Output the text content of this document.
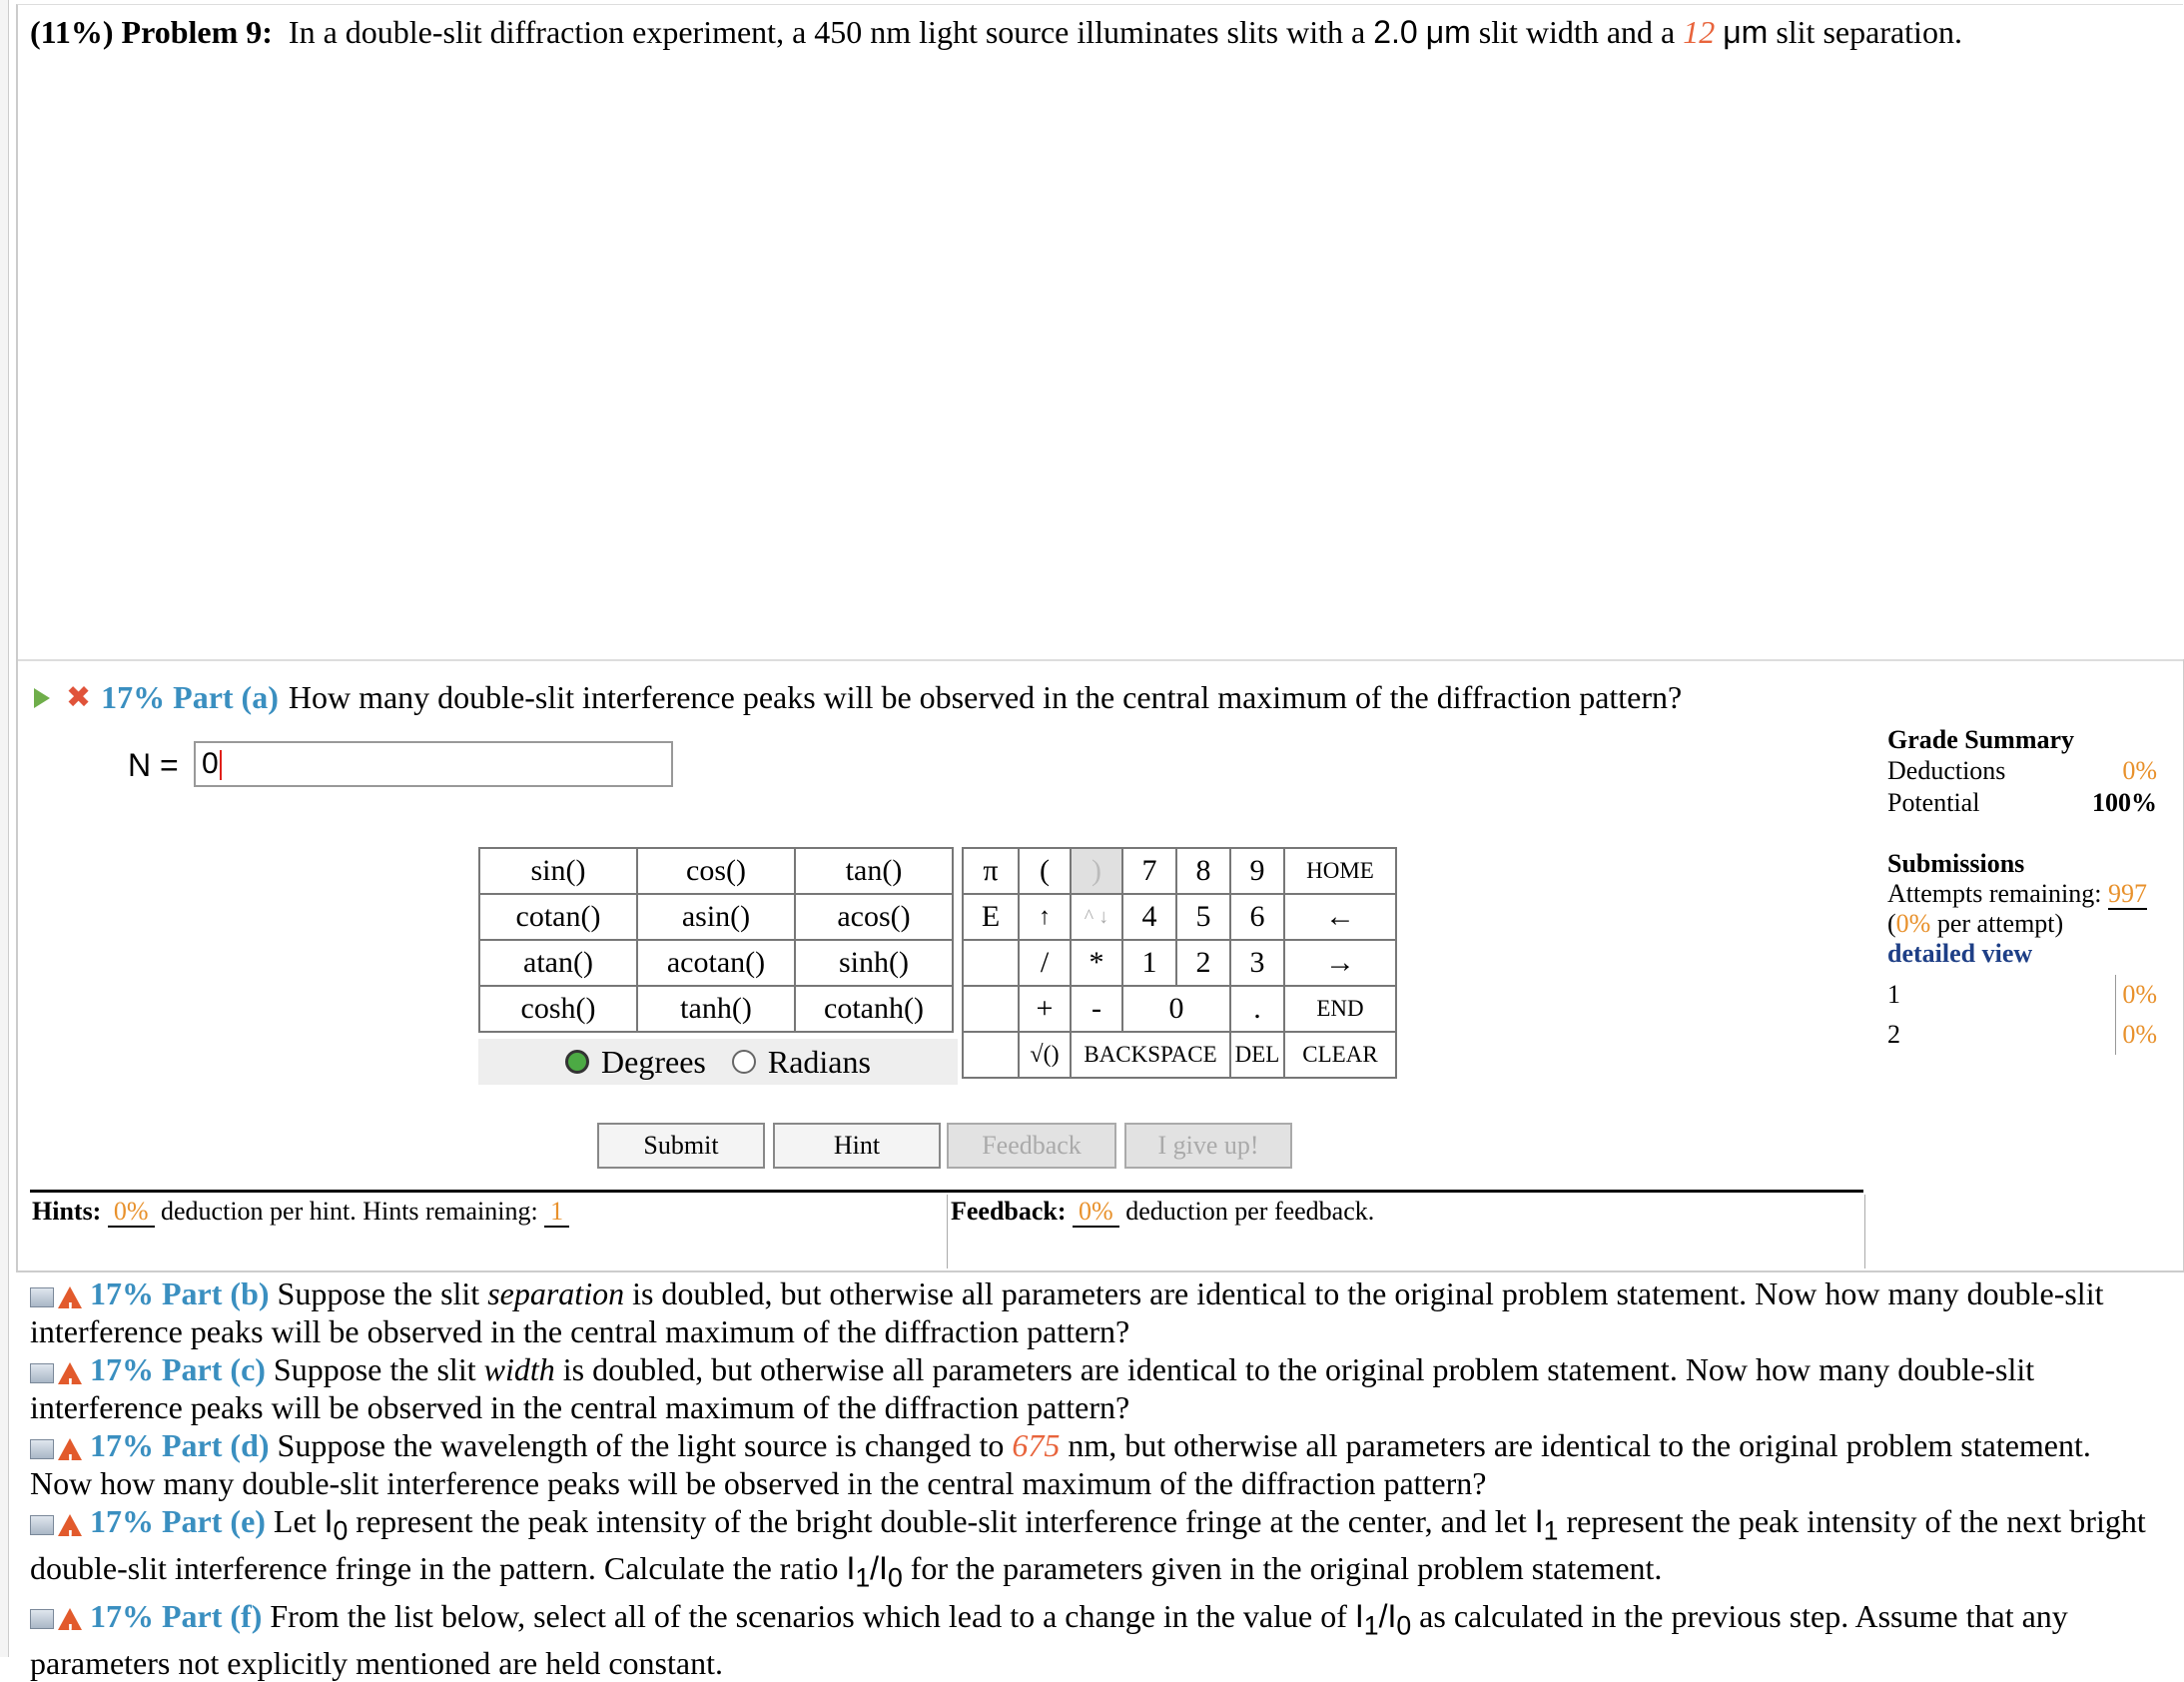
(11%) Problem 9: In a double-slit diffraction experiment, a 450 nm light source illuminates slits with a 2.0 μm slit width and a 12 μm slit separation.
✖ 17% Part (a) How many double-slit interference peaks will be observed in the central maximum of the diffraction pattern?
N = 0
sin()	cos()	tan()
cotan()	asin()	acos()
atan()	acotan()	sinh()
cosh()	tanh()	cotanh()
Degrees Radians
π	(	)	7	8	9	HOME
E	↑	^ ↓	4	5	6	←
	/	*	1	2	3	→
	+	-	0		.	END
	√()	BACKSPACE			DEL	CLEAR
Submit	Hint	Feedback	I give up!
Hints: 0% deduction per hint. Hints remaining: 1	Feedback: 0% deduction per feedback.
Grade Summary
Deductions	0%
Potential	100%
Submissions
Attempts remaining: 997
(0% per attempt)
detailed view
1	0%
2	0%
!17% Part (b) Suppose the slit separation is doubled, but otherwise all parameters are identical to the original problem statement. Now how many double-slit interference peaks will be observed in the central maximum of the diffraction pattern?
!17% Part (c) Suppose the slit width is doubled, but otherwise all parameters are identical to the original problem statement. Now how many double-slit interference peaks will be observed in the central maximum of the diffraction pattern?
!17% Part (d) Suppose the wavelength of the light source is changed to 675 nm, but otherwise all parameters are identical to the original problem statement. Now how many double-slit interference peaks will be observed in the central maximum of the diffraction pattern?
!17% Part (e) Let $I_0$ represent the peak intensity of the bright double-slit interference fringe at the center, and let $I_1$ represent the peak intensity of the next bright double-slit interference fringe in the pattern. Calculate the ratio $I_1/I_0$ for the parameters given in the original problem statement.
!17% Part (f) From the list below, select all of the scenarios which lead to a change in the value of $I_1/I_0$ as calculated in the previous step. Assume that any parameters not explicitly mentioned are held constant.
